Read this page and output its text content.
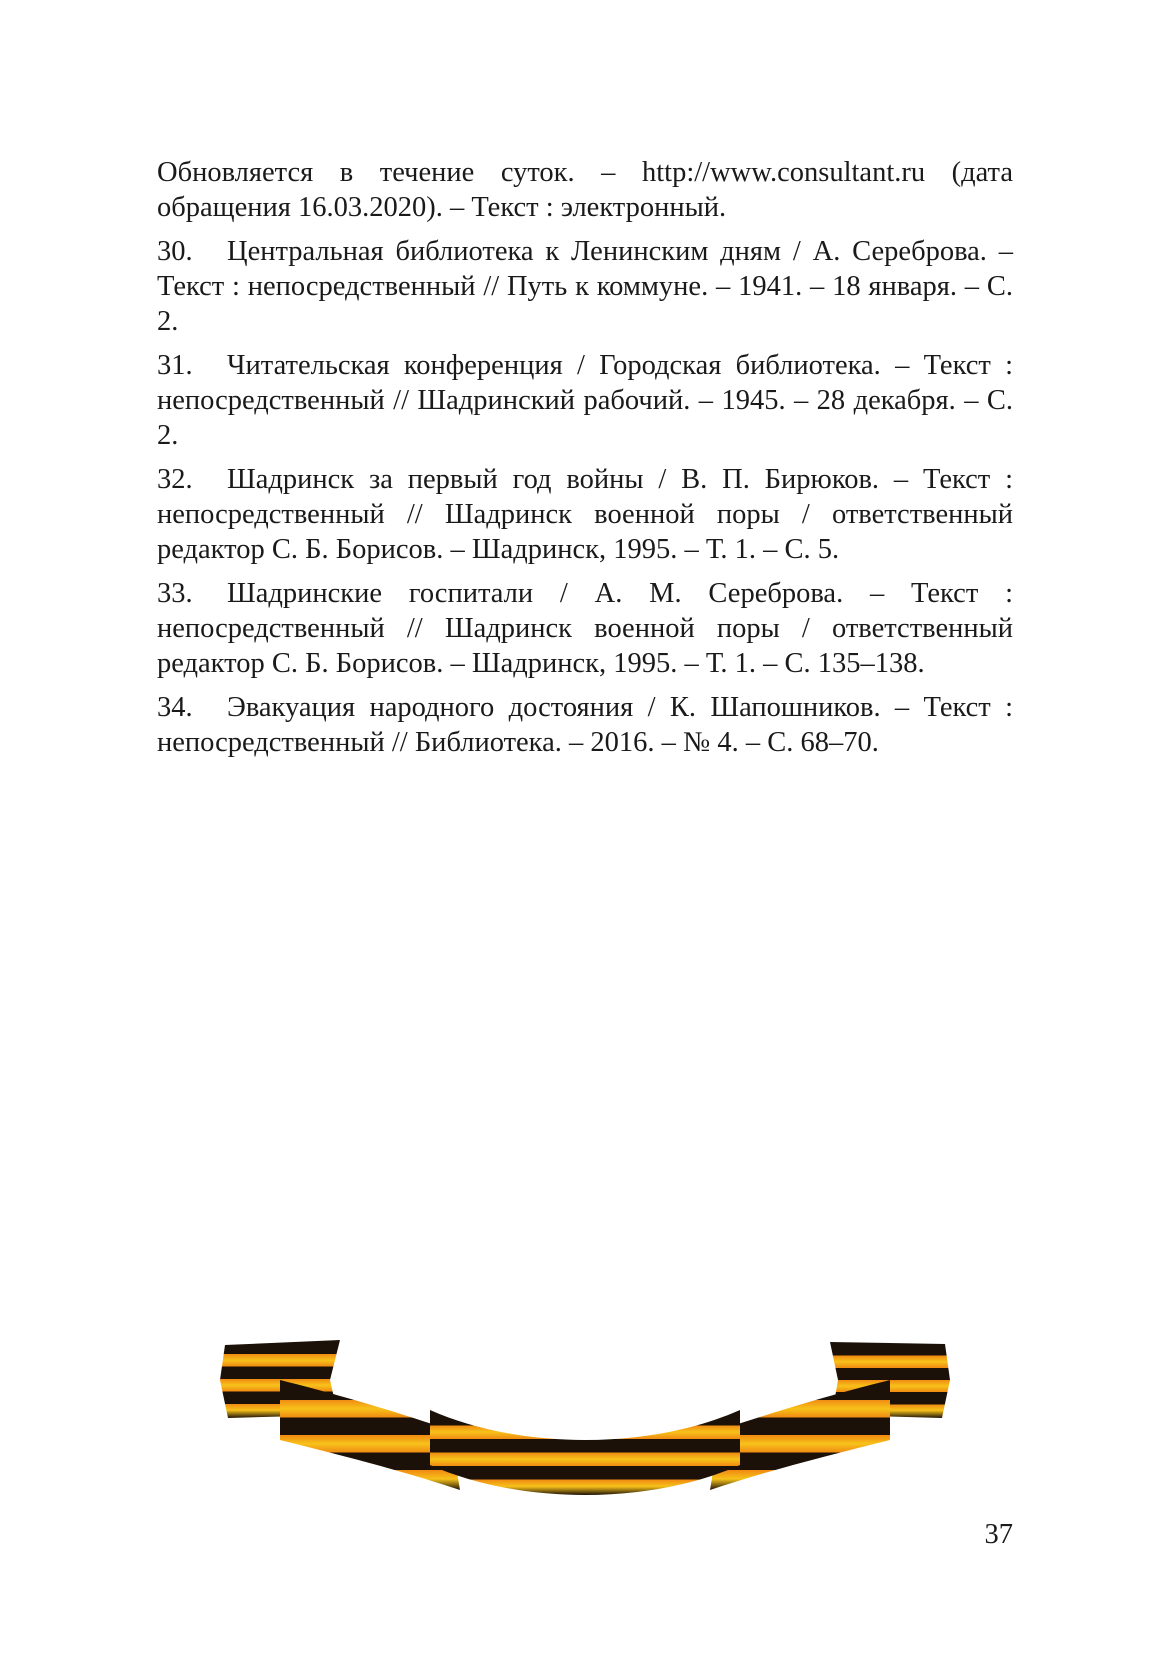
Обновляется в течение суток. – http://www.consultant.ru (дата обращения 16.03.2020). – Текст : электронный.

30. Центральная библиотека к Ленинским дням / А. Сереброва. – Текст : непосредственный // Путь к коммуне. – 1941. – 18 января. – С. 2.

31. Читательская конференция / Городская библиотека. – Текст : непосредственный // Шадринский рабочий. – 1945. – 28 декабря. – С. 2.

32. Шадринск за первый год войны / В. П. Бирюков. – Текст : непосредственный // Шадринск военной поры / ответственный редактор С. Б. Борисов. – Шадринск, 1995. – Т. 1. – С. 5.

33. Шадринские госпитали / А. М. Сереброва. – Текст : непосредственный // Шадринск военной поры / ответственный редактор С. Б. Борисов. – Шадринск, 1995. – Т. 1. – С. 135–138.

34. Эвакуация народного достояния / К. Шапошников. – Текст : непосредственный // Библиотека. – 2016. – № 4. – С. 68–70.

37
